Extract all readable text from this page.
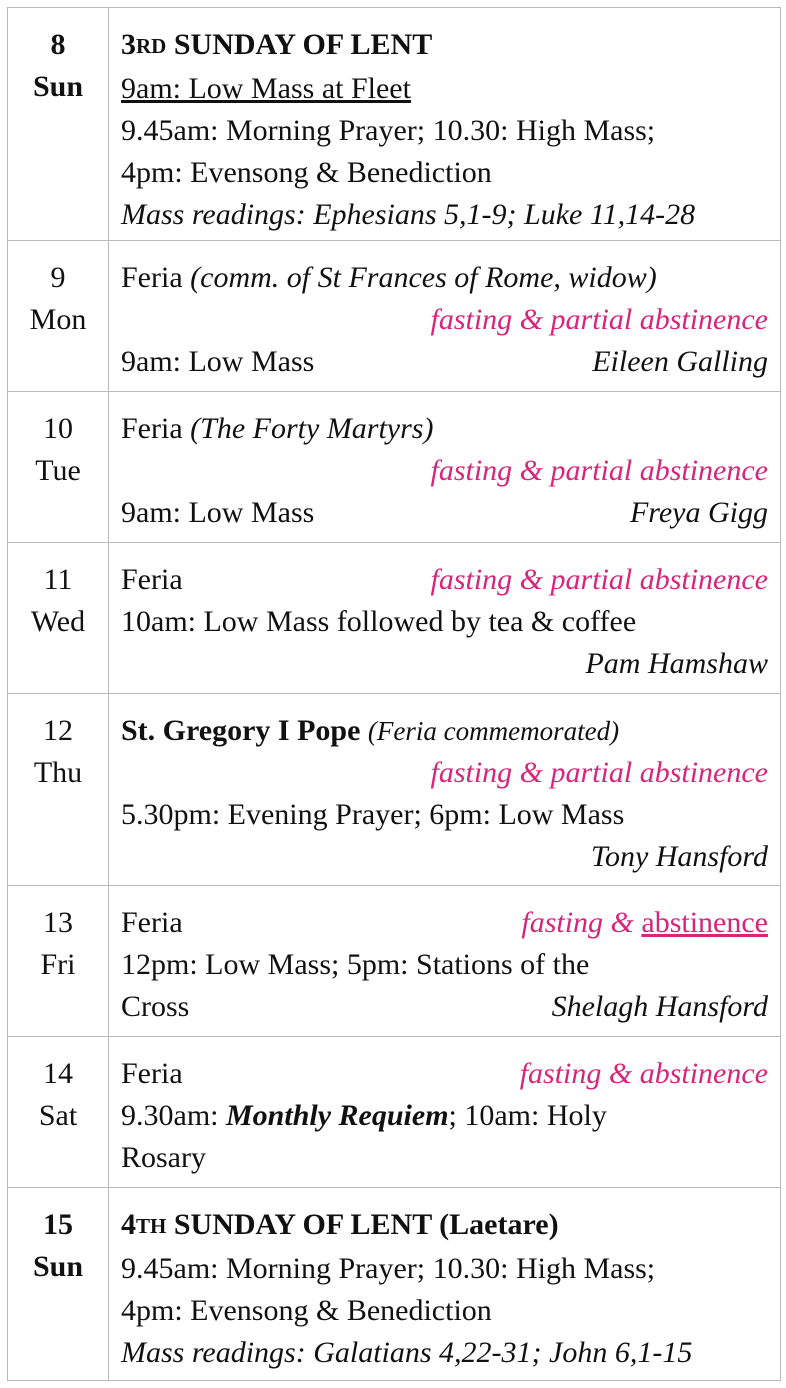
8
Sun	3RD SUNDAY OF LENT
9am: Low Mass at Fleet
9.45am: Morning Prayer; 10.30: High Mass;
4pm: Evensong & Benediction
Mass readings: Ephesians 5,1-9; Luke 11,14-28

9
Mon	Feria (comm. of St Frances of Rome, widow)
fasting & partial abstinence
9am: Low Mass Eileen Galling

10
Tue	Feria (The Forty Martyrs)
fasting & partial abstinence
9am: Low Mass Freya Gigg

11
Wed	Feria fasting & partial abstinence
10am: Low Mass followed by tea & coffee
Pam Hamshaw

12
Thu	St. Gregory I Pope (Feria commemorated)
fasting & partial abstinence
5.30pm: Evening Prayer; 6pm: Low Mass
Tony Hansford

13
Fri	Feria fasting & abstinence
12pm: Low Mass; 5pm: Stations of the
Cross Shelagh Hansford

14
Sat	Feria fasting & abstinence
9.30am: Monthly Requiem; 10am: Holy
Rosary

15
Sun	4TH SUNDAY OF LENT (Laetare)
9.45am: Morning Prayer; 10.30: High Mass;
4pm: Evensong & Benediction
Mass readings: Galatians 4,22-31; John 6,1-15
